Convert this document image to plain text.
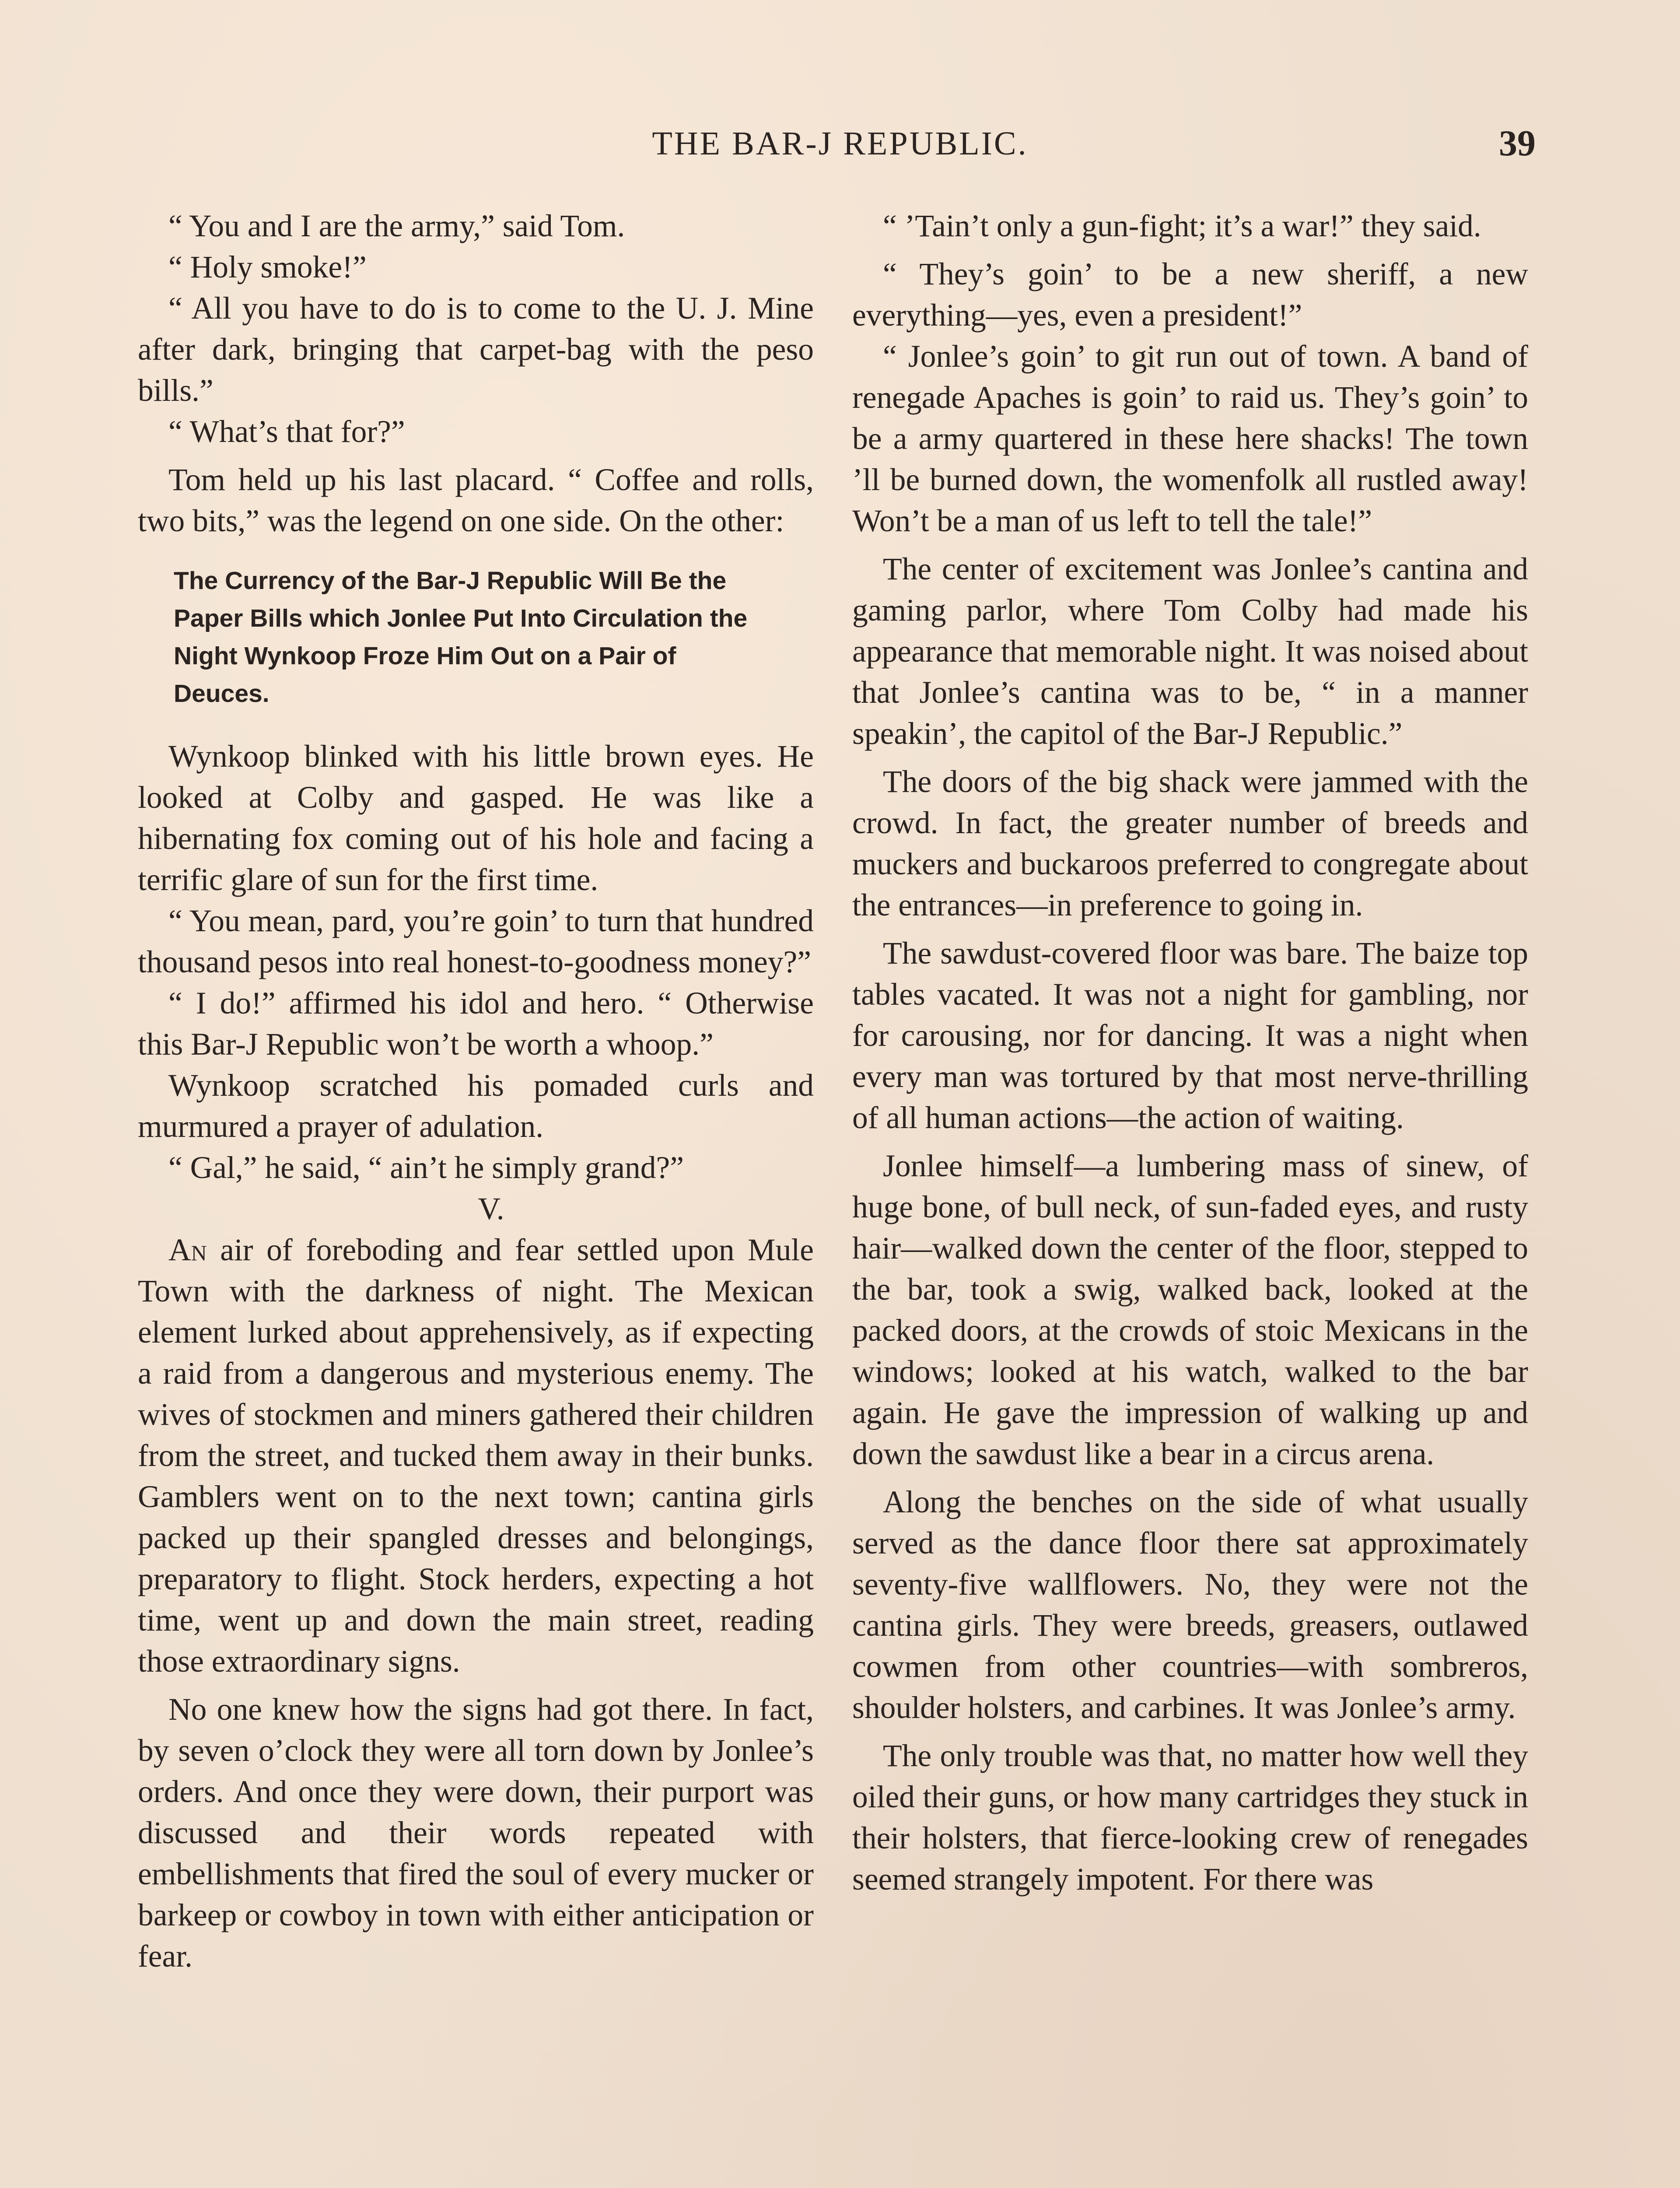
THE BAR-J REPUBLIC.	39

“ You and I are the army,” said Tom.

“ Holy smoke!”

“ All you have to do is to come to the U. J. Mine after dark, bringing that carpet-bag with the peso bills.”

“ What’s that for?”

Tom held up his last placard. “ Coffee and rolls, two bits,” was the legend on one side. On the other:

The Currency of the Bar-J Republic Will Be the Paper Bills which Jonlee Put Into Circulation the Night Wynkoop Froze Him Out on a Pair of Deuces.

Wynkoop blinked with his little brown eyes. He looked at Colby and gasped. He was like a hibernating fox coming out of his hole and facing a terrific glare of sun for the first time.

“ You mean, pard, you’re goin’ to turn that hundred thousand pesos into real honest-to-goodness money?”

“ I do!” affirmed his idol and hero. “ Otherwise this Bar-J Republic won’t be worth a whoop.”

Wynkoop scratched his pomaded curls and murmured a prayer of adulation.

“ Gal,” he said, “ ain’t he simply grand?”

V.

An air of foreboding and fear settled upon Mule Town with the darkness of night. The Mexican element lurked about apprehensively, as if expecting a raid from a dangerous and mysterious enemy. The wives of stockmen and miners gathered their children from the street, and tucked them away in their bunks. Gamblers went on to the next town; cantina girls packed up their spangled dresses and belongings, preparatory to flight. Stock herders, expecting a hot time, went up and down the main street, reading those extraordinary signs.

No one knew how the signs had got there. In fact, by seven o’clock they were all torn down by Jonlee’s orders. And once they were down, their purport was discussed and their words repeated with embellishments that fired the soul of every mucker or barkeep or cowboy in town with either anticipation or fear.

“ ’Tain’t only a gun-fight; it’s a war!” they said.

“ They’s goin’ to be a new sheriff, a new everything—yes, even a president!”

“ Jonlee’s goin’ to git run out of town. A band of renegade Apaches is goin’ to raid us. They’s goin’ to be a army quartered in these here shacks! The town ’ll be burned down, the womenfolk all rustled away! Won’t be a man of us left to tell the tale!”

The center of excitement was Jonlee’s cantina and gaming parlor, where Tom Colby had made his appearance that memorable night. It was noised about that Jonlee’s cantina was to be, “ in a manner speakin’, the capitol of the Bar-J Republic.”

The doors of the big shack were jammed with the crowd. In fact, the greater number of breeds and muckers and buckaroos preferred to congregate about the entrances—in preference to going in.

The sawdust-covered floor was bare. The baize top tables vacated. It was not a night for gambling, nor for carousing, nor for dancing. It was a night when every man was tortured by that most nerve-thrilling of all human actions—the action of waiting.

Jonlee himself—a lumbering mass of sinew, of huge bone, of bull neck, of sun-faded eyes, and rusty hair—walked down the center of the floor, stepped to the bar, took a swig, walked back, looked at the packed doors, at the crowds of stoic Mexicans in the windows; looked at his watch, walked to the bar again. He gave the impression of walking up and down the sawdust like a bear in a circus arena.

Along the benches on the side of what usually served as the dance floor there sat approximately seventy-five wallflowers. No, they were not the cantina girls. They were breeds, greasers, outlawed cowmen from other countries—with sombreros, shoulder holsters, and carbines. It was Jonlee’s army.

The only trouble was that, no matter how well they oiled their guns, or how many cartridges they stuck in their holsters, that fierce-looking crew of renegades seemed strangely impotent. For there was
